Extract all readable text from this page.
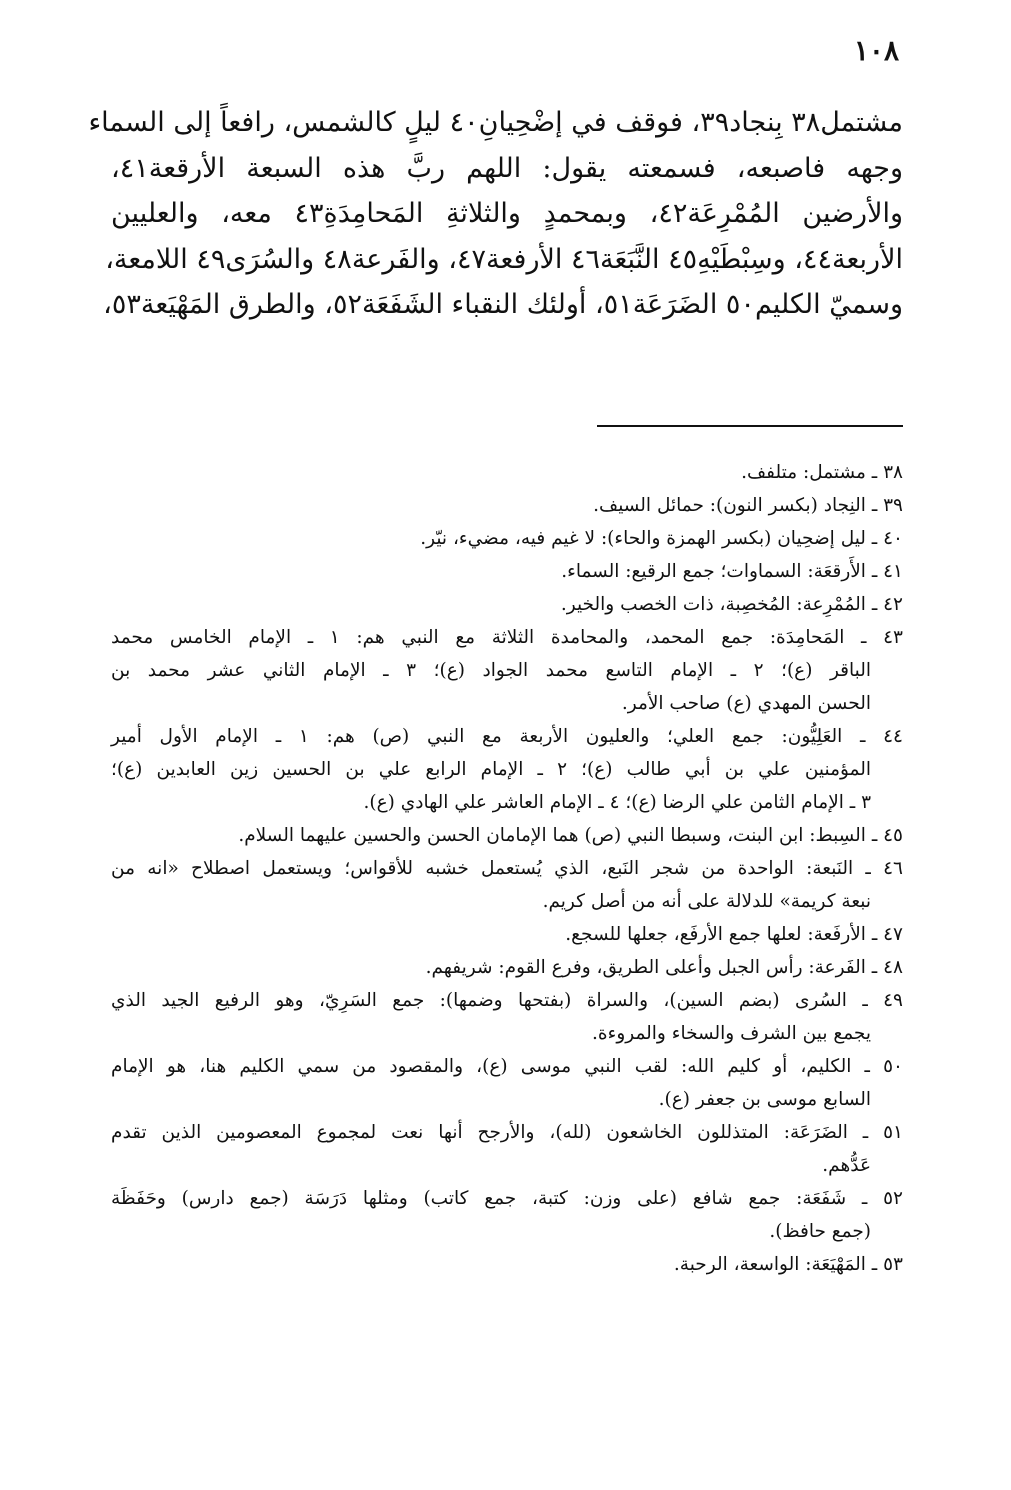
١٠٨
مشتمل٣٨ بِنجاد٣٩، فوقف في إضْحِيانِ٤٠ ليلٍ كالشمس، رافعاً إلى السماء
وجهه فاصبعه، فسمعته يقول: اللهم ربَّ هذه السبعة الأرقعة٤١،
والأرضين المُمْرِعَة٤٢، وبمحمدٍ والثلاثةِ المَحامِدَةِ٤٣ معه، والعليين
الأربعة٤٤، وسِبْطَيْهِ٤٥ النَّبَعَة٤٦ الأرفعة٤٧، والفَرعة٤٨ والسُرَى٤٩ اللامعة،
وسميّ الكليم٥٠ الضَرَعَة٥١، أولئك النقباء الشَفَعَة٥٢، والطرق المَهْيَعة٥٣،
٣٨ ـ مشتمل: متلفف.
٣٩ ـ النِجاد (بكسر النون): حمائل السيف.
٤٠ ـ ليل إضحِيان (بكسر الهمزة والحاء): لا غيم فيه، مضيء، نيّر.
٤١ ـ الأَرقعَة: السماوات؛ جمع الرقيع: السماء.
٤٢ ـ المُمْرِعة: المُخصِبة، ذات الخصب والخير.
٤٣ ـ المَحامِدَة: جمع المحمد، والمحامدة الثلاثة مع النبي هم: ١ ـ الإمام الخامس محمد
الباقر (ع)؛ ٢ ـ الإمام التاسع محمد الجواد (ع)؛ ٣ ـ الإمام الثاني عشر محمد بن
الحسن المهدي (ع) صاحب الأمر.
٤٤ ـ العَلِيُّون: جمع العلي؛ والعليون الأربعة مع النبي (ص) هم: ١ ـ الإمام الأول أمير
المؤمنين علي بن أبي طالب (ع)؛ ٢ ـ الإمام الرابع علي بن الحسين زين العابدين (ع)؛
٣ ـ الإمام الثامن علي الرضا (ع)؛ ٤ ـ الإمام العاشر علي الهادي (ع).
٤٥ ـ السِبط: ابن البنت، وسبطا النبي (ص) هما الإمامان الحسن والحسين عليهما السلام.
٤٦ ـ النَبعة: الواحدة من شجر النَبع، الذي يُستعمل خشبه للأقواس؛ ويستعمل اصطلاح «انه من
نبعة كريمة» للدلالة على أنه من أصل كريم.
٤٧ ـ الأرفَعة: لعلها جمع الأرفَع، جعلها للسجع.
٤٨ ـ الفَرعة: رأس الجبل وأعلى الطريق، وفرع القوم: شريفهم.
٤٩ ـ السُرى (بضم السين)، والسراة (بفتحها وضمها): جمع السَرِيّ، وهو الرفيع الجيد الذي
يجمع بين الشرف والسخاء والمروءة.
٥٠ ـ الكليم، أو كليم الله: لقب النبي موسى (ع)، والمقصود من سمي الكليم هنا، هو الإمام
السابع موسى بن جعفر (ع).
٥١ ـ الضَرَعَة: المتذللون الخاشعون (لله)، والأرجح أنها نعت لمجموع المعصومين الذين تقدم
عَدُّهم.
٥٢ ـ شَفَعَة: جمع شافع (على وزن: كتبة، جمع كاتب) ومثلها دَرَسَة (جمع دارس) وحَفَظَة
(جمع حافظ).
٥٣ ـ المَهْيَعَة: الواسعة، الرحبة.
